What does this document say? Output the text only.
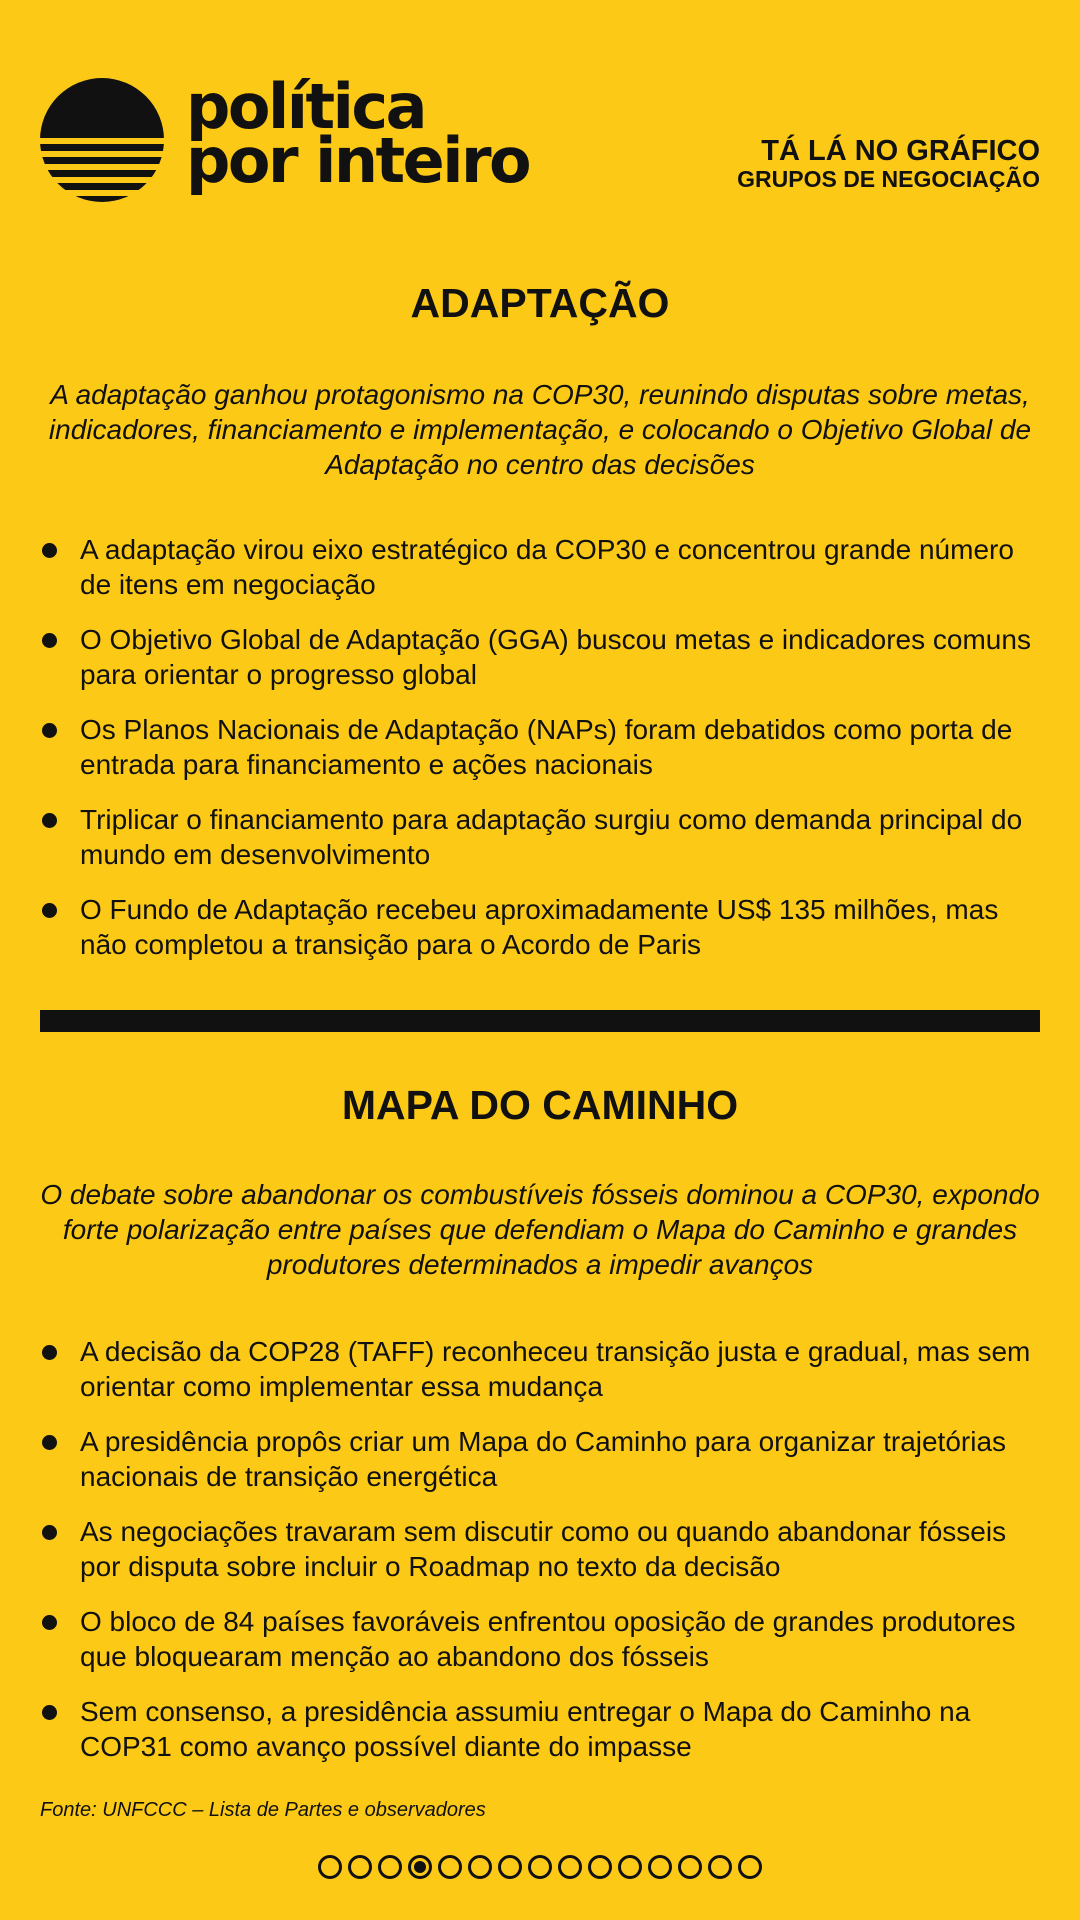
política
por inteiro	TÁ LÁ NO GRÁFICO
GRUPOS DE NEGOCIAÇÃO
ADAPTAÇÃO

A adaptação ganhou protagonismo na COP30, reunindo disputas sobre metas, indicadores, financiamento e implementação, e colocando o Objetivo Global de Adaptação no centro das decisões

A adaptação virou eixo estratégico da COP30 e concentrou grande número de itens em negociação
O Objetivo Global de Adaptação (GGA) buscou metas e indicadores comuns para orientar o progresso global
Os Planos Nacionais de Adaptação (NAPs) foram debatidos como porta de entrada para financiamento e ações nacionais
Triplicar o financiamento para adaptação surgiu como demanda principal do mundo em desenvolvimento
O Fundo de Adaptação recebeu aproximadamente US$ 135 milhões, mas não completou a transição para o Acordo de Paris
MAPA DO CAMINHO

O debate sobre abandonar os combustíveis fósseis dominou a COP30, expondo forte polarização entre países que defendiam o Mapa do Caminho e grandes produtores determinados a impedir avanços

A decisão da COP28 (TAFF) reconheceu transição justa e gradual, mas sem orientar como implementar essa mudança
A presidência propôs criar um Mapa do Caminho para organizar trajetórias nacionais de transição energética
As negociações travaram sem discutir como ou quando abandonar fósseis por disputa sobre incluir o Roadmap no texto da decisão
O bloco de 84 países favoráveis enfrentou oposição de grandes produtores que bloquearam menção ao abandono dos fósseis
Sem consenso, a presidência assumiu entregar o Mapa do Caminho na COP31 como avanço possível diante do impasse
Fonte: UNFCCC – Lista de Partes e observadores
